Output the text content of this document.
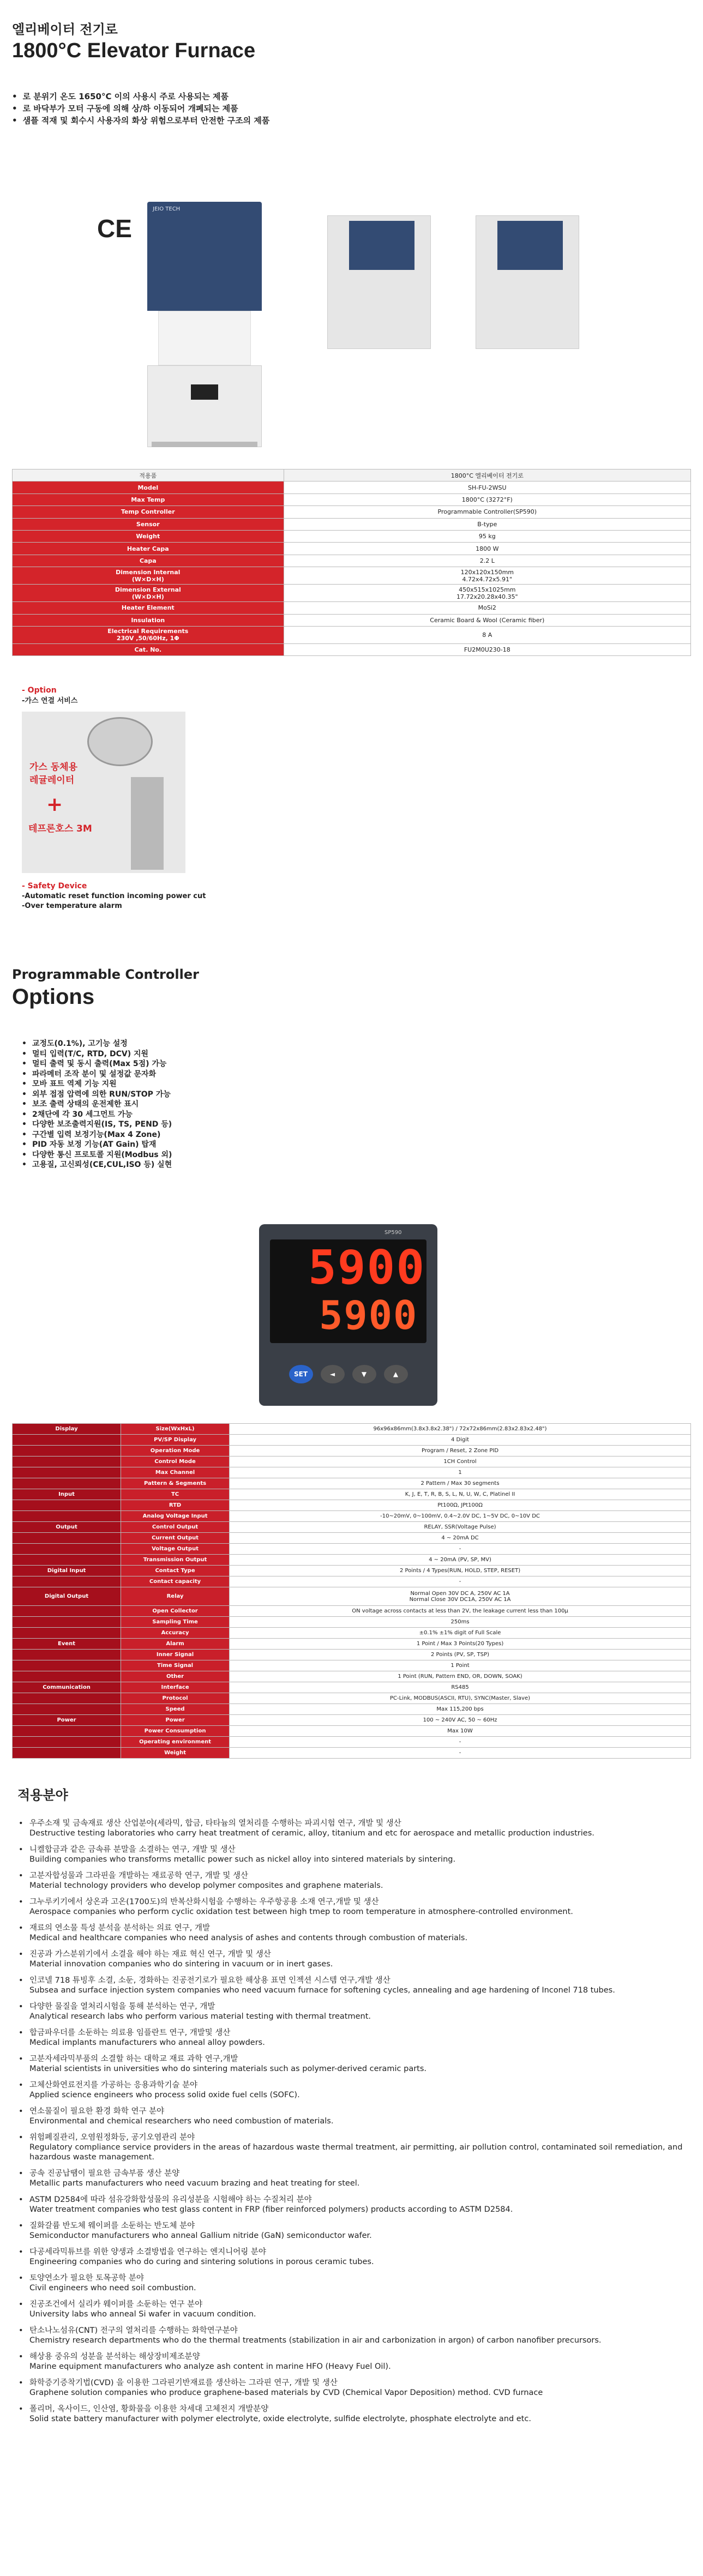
엘리베이터 전기로
1800°C Elevator Furnace
• 로 분위기 온도 1650°C 이의 사용시 주로 사용되는 제품
• 로 바닥부가 모터 구동에 의해 상/하 이동되어 개폐되는 제품
• 샘플 적재 및 회수시 사용자의 화상 위험으로부터 안전한 구조의 제품
CE
JEIO TECH
적용품	1800°C 엘리베이터 전기로
Model	SH-FU-2WSU
Max Temp	1800°C (3272°F)
Temp Controller	Programmable Controller(SP590)
Sensor	B-type
Weight	95 kg
Heater Capa	1800 W
Capa	2.2 L
Dimension Internal
(W×D×H)	120x120x150mm
4.72x4.72x5.91"
Dimension External
(W×D×H)	450x515x1025mm
17.72x20.28x40.35"
Heater Element	MoSi2
Insulation	Ceramic Board & Wool (Ceramic fiber)
Electrical Requirements
230V ,50/60Hz, 1Φ	8 A
Cat. No.	FU2M0U230-18
- Option
-가스 연결 서비스
가스 동체용
레귤레이터
+
테프론호스 3M
- Safety Device
-Automatic reset function incoming power cut
-Over temperature alarm
Programmable Controller
Options
• 교정도(0.1%), 고기능 설정
• 멀티 입력(T/C, RTD, DCV) 지원
• 멀티 출력 및 동시 출력(Max 5점) 가능
• 파라메터 조작 분이 및 설정값 문자화
• 모바 표트 역제 기능 지원
• 외부 접점 압력에 의한 RUN/STOP 가능
• 보조 출력 상태의 운전제한 표시
• 2채단에 각 30 세그먼트 가능
• 다양한 보조출력지원(IS, TS, PEND 등)
• 구간별 입력 보정기능(Max 4 Zone)
• PID 자동 보정 기능(AT Gain) 탑재
• 다양한 통신 프로토콜 지원(Modbus 외)
• 고용질, 고신뢰성(CE,CUL,ISO 등) 실현
5900
5900
SP590
SET	◄	▼	▲
Display	Size(WxHxL)	96x96x86mm(3.8x3.8x2.38") / 72x72x86mm(2.83x2.83x2.48")
	PV/SP Display	4 Digit
	Operation Mode	Program / Reset, 2 Zone PID
	Control Mode	1CH Control
	Max Channel	1
	Pattern & Segments	2 Pattern / Max 30 segments
Input	TC	K, J, E, T, R, B, S, L, N, U, W, C, Platinel II
	RTD	Pt100Ω, JPt100Ω
	Analog Voltage Input	-10~20mV, 0~100mV, 0.4~2.0V DC, 1~5V DC, 0~10V DC
Output	Control Output	RELAY, SSR(Voltage Pulse)
	Current Output	4 ~ 20mA DC
	Voltage Output	-
	Transmission Output	4 ~ 20mA (PV, SP, MV)
Digital Input	Contact Type	2 Points / 4 Types(RUN, HOLD, STEP, RESET)
	Contact capacity	-
Digital Output	Relay	Normal Open 30V DC A, 250V AC 1A
Normal Close 30V DC1A, 250V AC 1A
	Open Collector	ON voltage across contacts at less than 2V, the leakage current less than 100μ
	Sampling Time	250ms
	Accuracy	±0.1% ±1% digit of Full Scale
Event	Alarm	1 Point / Max 3 Points(20 Types)
	Inner Signal	2 Points (PV, SP, TSP)
	Time Signal	1 Point
	Other	1 Point (RUN, Pattern END, OR, DOWN, SOAK)
Communication	Interface	RS485
	Protocol	PC-Link, MODBUS(ASCII, RTU), SYNC(Master, Slave)
	Speed	Max 115,200 bps
Power	Power	100 ~ 240V AC, 50 ~ 60Hz
	Power Consumption	Max 10W
	Operating environment	-
	Weight	-
적용분야
• 우주소재 및 금속재료 생산 산업분야(세라믹, 합금, 타타늄의 열처리를 수행하는 파괴시험 연구, 개발 및 생산
Destructive testing laboratories who carry heat treatment of ceramic, alloy, titanium and etc for aerospace and metallic production industries.
• 니켈합금과 같은 금속류 분말을 소결하는 연구, 개발 및 생산
Building companies who transforms metallic power such as nickel alloy into sintered materials by sintering.
• 고분자합성물과 그라핀을 개발하는 재료공학 연구, 개발 및 생산
Material technology providers who develop polymer composites and graphene materials.
• 그누루키기에서 상온과 고온(1700도)의 반복산화시험을 수행하는 우주항공용 소재 연구,개발 및 생산
Aerospace companies who perform cyclic oxidation test between high tmep to room temperature in atmosphere-controlled environment.
• 재료의 연소물 특성 분석을 분석하는 의료 연구, 개발
Medical and healthcare companies who need analysis of ashes and contents through combustion of materials.
• 진공과 가스분위기에서 소결을 해야 하는 재료 혁신 연구, 개발 및 생산
Material innovation companies who do sintering in vacuum or in inert gases.
• 인코넬 718 튜빙후 소결, 소둔, 경화하는 진공전기로가 필요한 해상용 표면 인젝션 시스템 연구,개발 생산
Subsea and surface injection system companies who need vacuum furnace for softening cycles, annealing and age hardening of Inconel 718 tubes.
• 다양한 물질을 열처리시험을 통해 분석하는 연구, 개발
Analytical research labs who perform various material testing with thermal treatment.
• 합금파우더를 소둔하는 의료용 임플란트 연구, 개발및 생산
Medical implants manufacturers who anneal alloy powders.
• 고분자세라믹부품의 소결할 하는 대학교 재료 과학 연구,개발
Material scientists in universities who do sintering materials such as polymer-derived ceramic parts.
• 고체산화연료전지를 가공하는 응용과학기술 분야
Applied science engineers who process solid oxide fuel cells (SOFC).
• 연소물질이 필요한 환경 화학 연구 분야
Environmental and chemical researchers who need combustion of materials.
• 위험폐질관리, 오염원정화등, 공기오염관리 분야
Regulatory compliance service providers in the areas of hazardous waste thermal treatment, air permitting, air pollution control, contaminated soil remediation, and hazardous waste management.
• 공속 진공납땜이 필요한 금속부품 생산 분양
Metallic parts manufacturers who need vacuum brazing and heat treating for steel.
• ASTM D2584에 따라 섬유강화합성물의 유리성분을 시험해야 하는 수질처리 분야
Water treatment companies who test glass content in FRP (fiber reinforced polymers) products according to ASTM D2584.
• 질화갈륨 반도체 웨이퍼를 소둔하는 반도체 분야
Semiconductor manufacturers who anneal Gallium nitride (GaN) semiconductor wafer.
• 다공세라믹튜브를 위한 양생과 소결방법을 연구하는 엔지니어링 분야
Engineering companies who do curing and sintering solutions in porous ceramic tubes.
• 토양연소가 필요한 토목공학 분야
Civil engineers who need soil combustion.
• 진공조건에서 실리카 웨이퍼를 소둔하는 연구 분야
University labs who anneal Si wafer in vacuum condition.
• 탄소나노섬유(CNT) 전구의 열처리를 수행하는 화학연구분야
Chemistry research departments who do the thermal treatments (stabilization in air and carbonization in argon) of carbon nanofiber precursors.
• 해상용 중유의 성분을 분석하는 해상장비제조분양
Marine equipment manufacturers who analyze ash content in marine HFO (Heavy Fuel Oil).
• 화학증기증착기법(CVD) 을 이용한 그라핀기반재료를 생산하는 그라핀 연구, 개발 및 생산
Graphene solution companies who produce graphene-based materials by CVD (Chemical Vapor Deposition) method. CVD furnace
• 폴리머, 옥사이드, 인산염, 황화물을 이용한 차세대 고체전지 개발분양
Solid state battery manufacturer with polymer electrolyte, oxide electrolyte, sulfide electrolyte, phosphate electrolyte and etc.
